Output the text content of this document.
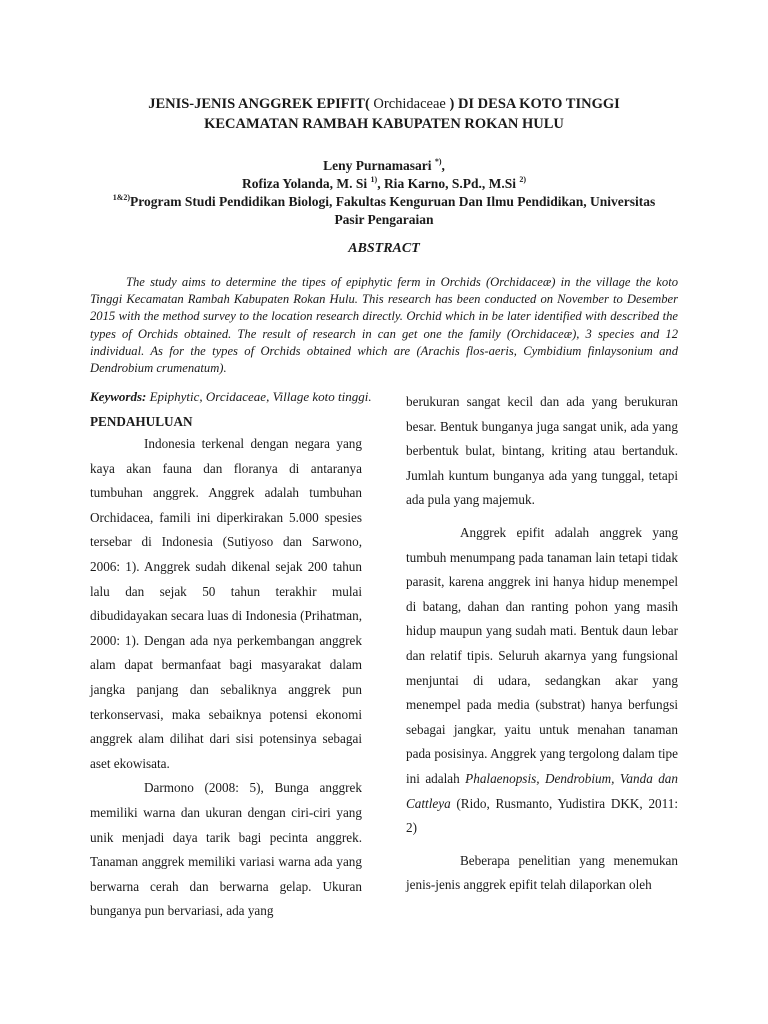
JENIS-JENIS ANGGREK EPIFIT( Orchidaceae ) DI DESA KOTO TINGGI
KECAMATAN RAMBAH KABUPATEN ROKAN HULU
Leny Purnamasari *),
Rofiza Yolanda, M. Si $^{1)}$, Ria Karno, S.Pd., M.Si $^{2)}$
$^{1\&2)}$Program Studi Pendidikan Biologi, Fakultas Kenguruan Dan Ilmu Pendidikan, Universitas
Pasir Pengaraian
ABSTRACT
The study aims to determine the tipes of epiphytic ferm in Orchids (Orchidaceæ) in the village the koto Tinggi Kecamatan Rambah Kabupaten Rokan Hulu. This research has been conducted on November to Desember 2015 with the method survey to the location research directly. Orchid which in be later identified with described the types of Orchids obtained. The result of research in can get one the family (Orchidaceæ), 3 species and 12 individual. As for the types of Orchids obtained which are (Arachis flos-aeris, Cymbidium finlaysonium and Dendrobium crumenatum).
Keywords: Epiphytic, Orcidaceae, Village koto tinggi.

PENDAHULUAN

Indonesia terkenal dengan negara yang kaya akan fauna dan floranya di antaranya tumbuhan anggrek. Anggrek adalah tumbuhan Orchidacea, famili ini diperkirakan 5.000 spesies tersebar di Indonesia (Sutiyoso dan Sarwono, 2006: 1). Anggrek sudah dikenal sejak 200 tahun lalu dan sejak 50 tahun terakhir mulai dibudidayakan secara luas di Indonesia (Prihatman, 2000: 1). Dengan ada nya perkembangan anggrek alam dapat bermanfaat bagi masyarakat dalam jangka panjang dan sebaliknya anggrek pun terkonservasi, maka sebaiknya potensi ekonomi anggrek alam dilihat dari sisi potensinya sebagai aset ekowisata.

Darmono (2008: 5), Bunga anggrek memiliki warna dan ukuran dengan ciri-ciri yang unik menjadi daya tarik bagi pecinta anggrek. Tanaman anggrek memiliki variasi warna ada yang berwarna cerah dan berwarna gelap. Ukuran bunganya pun bervariasi, ada yang

berukuran sangat kecil dan ada yang berukuran besar. Bentuk bunganya juga sangat unik, ada yang berbentuk bulat, bintang, kriting atau bertanduk. Jumlah kuntum bunganya ada yang tunggal, tetapi ada pula yang majemuk.

Anggrek epifit adalah anggrek yang tumbuh menumpang pada tanaman lain tetapi tidak parasit, karena anggrek ini hanya hidup menempel di batang, dahan dan ranting pohon yang masih hidup maupun yang sudah mati. Bentuk daun lebar dan relatif tipis. Seluruh akarnya yang fungsional menjuntai di udara, sedangkan akar yang menempel pada media (substrat) hanya berfungsi sebagai jangkar, yaitu untuk menahan tanaman pada posisinya. Anggrek yang tergolong dalam tipe ini adalah Phalaenopsis, Dendrobium, Vanda dan Cattleya (Rido, Rusmanto, Yudistira DKK, 2011: 2)

Beberapa penelitian yang menemukan jenis-jenis anggrek epifit telah dilaporkan oleh
